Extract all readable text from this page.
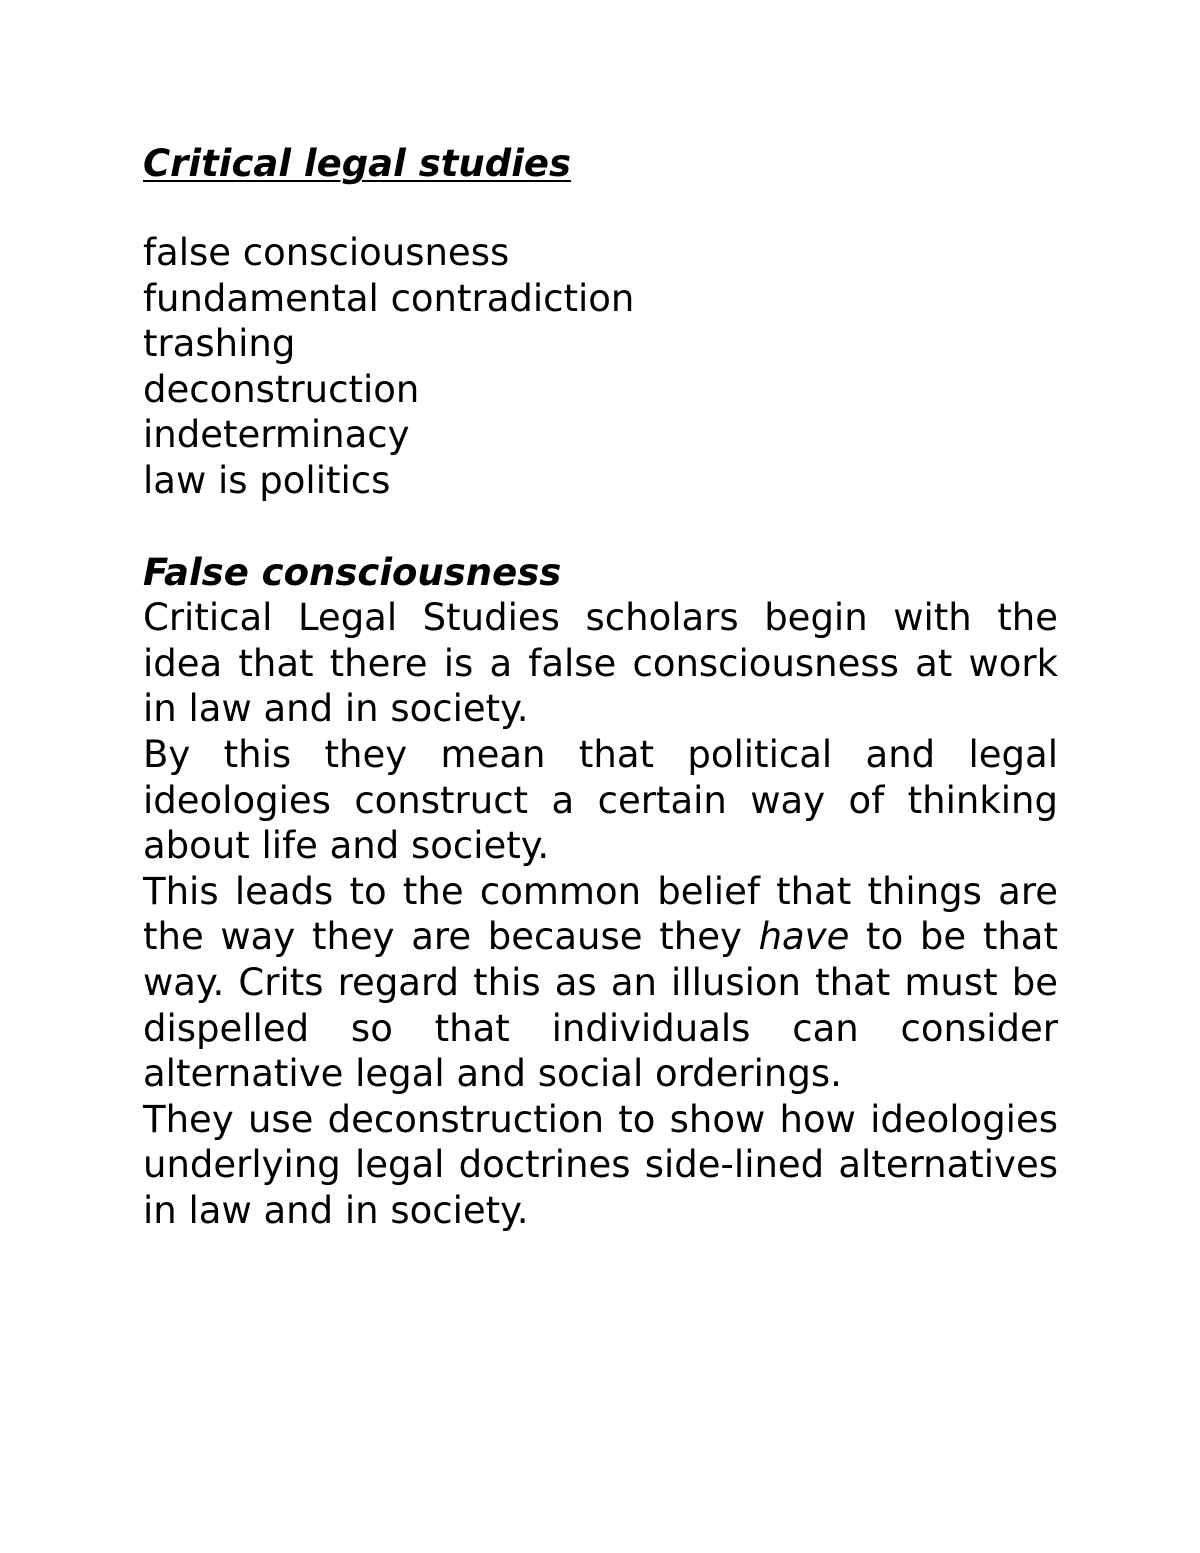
Critical legal studies
false consciousness
fundamental contradiction
trashing
deconstruction
indeterminacy
law is politics
False consciousness

Critical Legal Studies scholars begin with the idea that there is a false consciousness at work in law and in society.

By this they mean that political and legal ideologies construct a certain way of thinking about life and society.

This leads to the common belief that things are the way they are because they have to be that way. Crits regard this as an illusion that must be dispelled so that individuals can consider alternative legal and social orderings.

They use deconstruction to show how ideologies underlying legal doctrines side-lined alternatives in law and in society.
